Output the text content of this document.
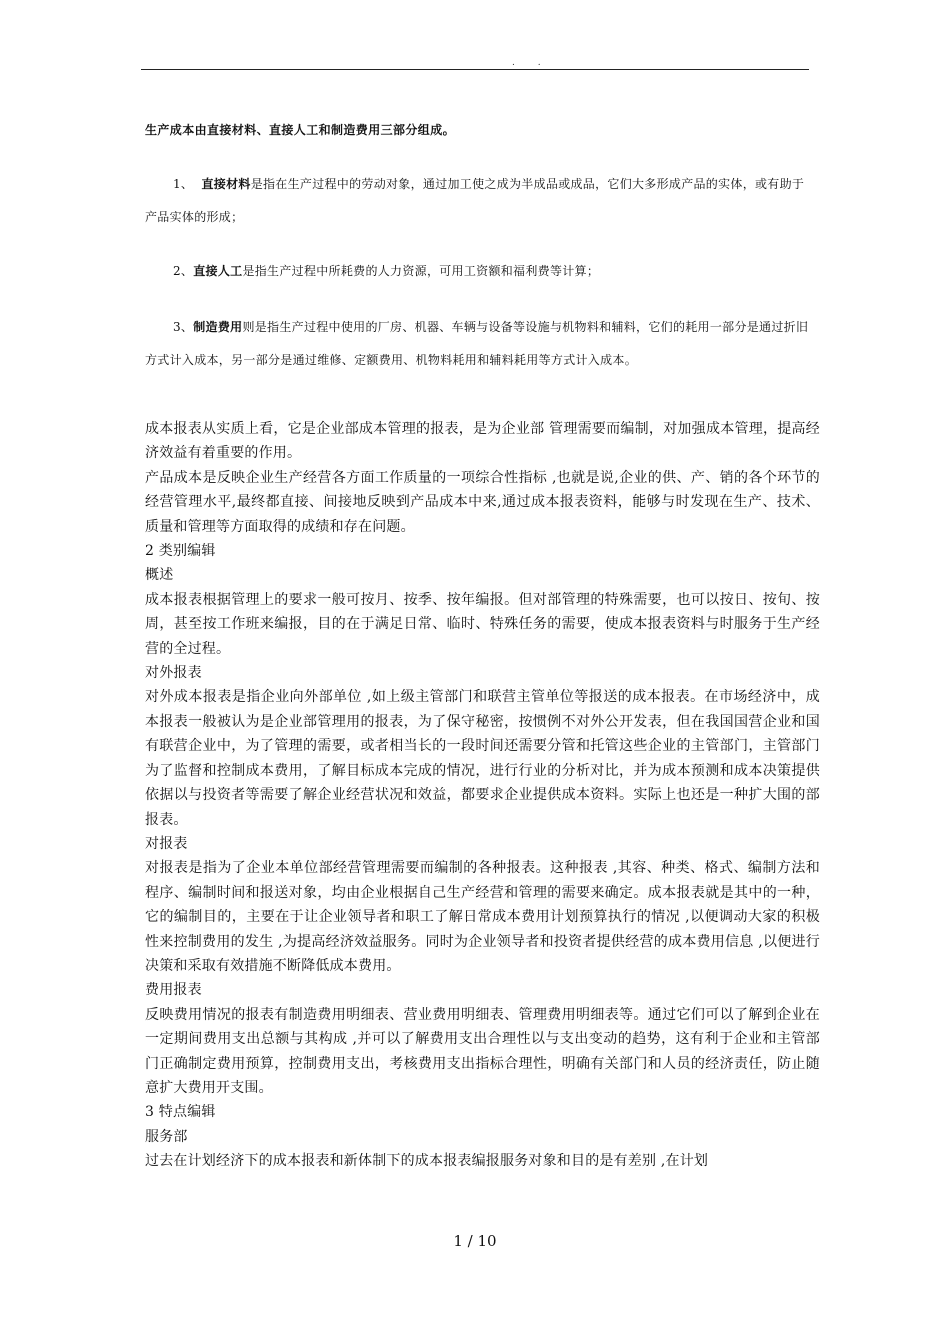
. .
生产成本由直接材料、直接人工和制造费用三部分组成。
1、 直接材料是指在生产过程中的劳动对象，通过加工使之成为半成品或成品，它们大多形成产品的实体，或有助于产品实体的形成；
2、直接人工是指生产过程中所耗费的人力资源，可用工资额和福利费等计算；
3、制造费用则是指生产过程中使用的厂房、机器、车辆与设备等设施与机物料和辅料，它们的耗用一部分是通过折旧方式计入成本，另一部分是通过维修、定额费用、机物料耗用和辅料耗用等方式计入成本。

成本报表从实质上看，它是企业部成本管理的报表，是为企业部 管理需要而编制，对加强成本管理，提高经济效益有着重要的作用。

产品成本是反映企业生产经营各方面工作质量的一项综合性指标 ,也就是说,企业的供、产、销的各个环节的经营管理水平,最终都直接、间接地反映到产品成本中来,通过成本报表资料，能够与时发现在生产、技术、质量和管理等方面取得的成绩和存在问题。

2 类别编辑

概述

成本报表根据管理上的要求一般可按月、按季、按年编报。但对部管理的特殊需要，也可以按日、按旬、按周，甚至按工作班来编报，目的在于满足日常、临时、特殊任务的需要，使成本报表资料与时服务于生产经营的全过程。

对外报表

对外成本报表是指企业向外部单位 ,如上级主管部门和联营主管单位等报送的成本报表。在市场经济中，成本报表一般被认为是企业部管理用的报表，为了保守秘密，按惯例不对外公开发表，但在我国国营企业和国有联营企业中，为了管理的需要，或者相当长的一段时间还需要分管和托管这些企业的主管部门，主管部门为了监督和控制成本费用，了解目标成本完成的情况，进行行业的分析对比，并为成本预测和成本决策提供依据以与投资者等需要了解企业经营状况和效益，都要求企业提供成本资料。实际上也还是一种扩大围的部报表。

对报表

对报表是指为了企业本单位部经营管理需要而编制的各种报表。这种报表 ,其容、种类、格式、编制方法和程序、编制时间和报送对象，均由企业根据自己生产经营和管理的需要来确定。成本报表就是其中的一种，它的编制目的，主要在于让企业领导者和职工了解日常成本费用计划预算执行的情况 ,以便调动大家的积极性来控制费用的发生 ,为提高经济效益服务。同时为企业领导者和投资者提供经营的成本费用信息 ,以便进行决策和采取有效措施不断降低成本费用。

费用报表

反映费用情况的报表有制造费用明细表、营业费用明细表、管理费用明细表等。通过它们可以了解到企业在一定期间费用支出总额与其构成 ,并可以了解费用支出合理性以与支出变动的趋势，这有利于企业和主管部门正确制定费用预算，控制费用支出，考核费用支出指标合理性，明确有关部门和人员的经济责任，防止随意扩大费用开支围。

3 特点编辑

服务部

过去在计划经济下的成本报表和新体制下的成本报表编报服务对象和目的是有差别 ,在计划

1 / 10
